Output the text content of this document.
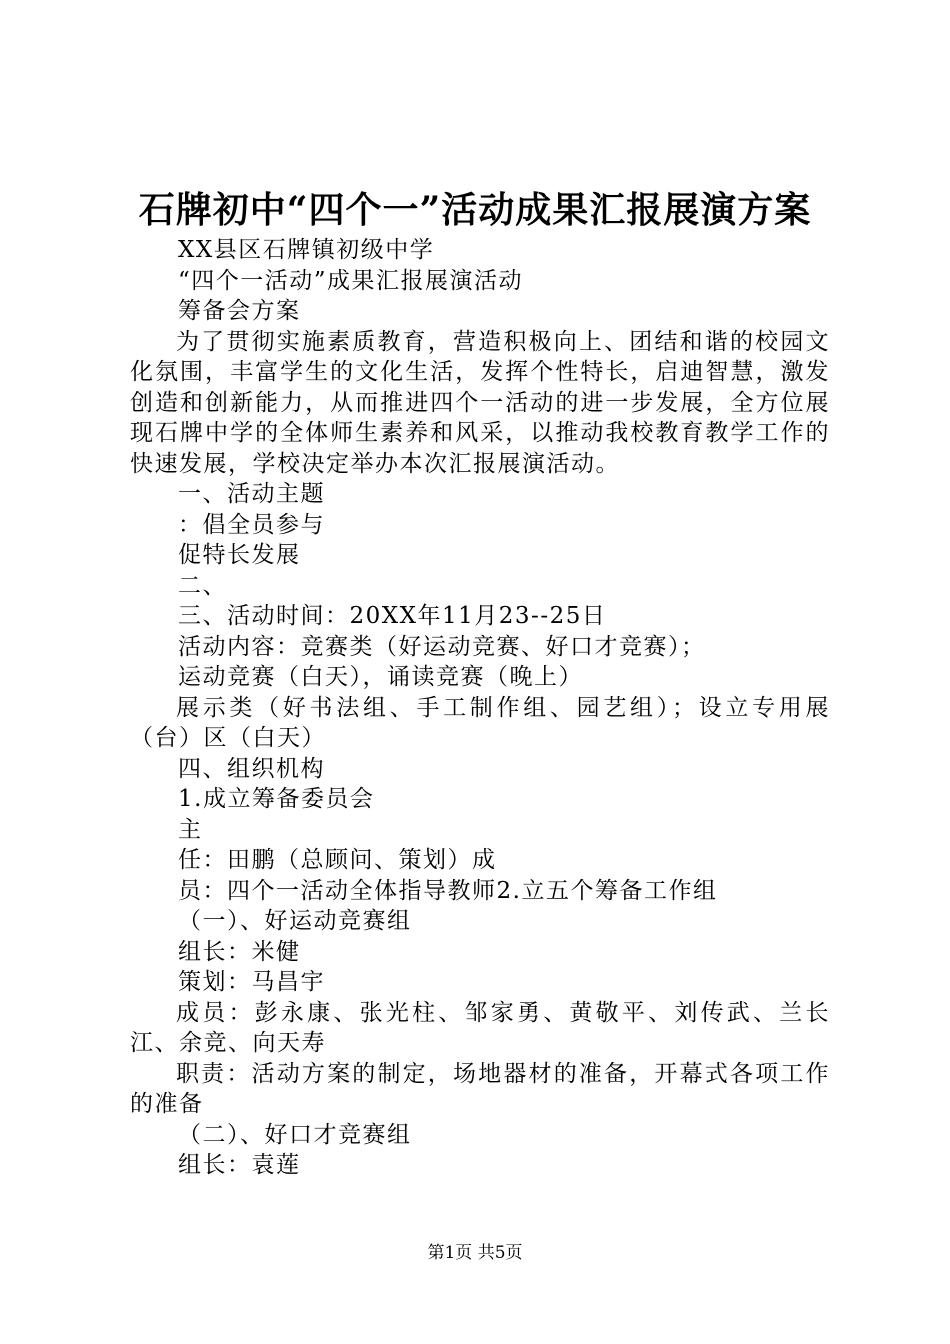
石牌初中“四个一”活动成果汇报展演方案

XX县区石牌镇初级中学

“四个一活动”成果汇报展演活动

筹备会方案

为了贯彻实施素质教育，营造积极向上、团结和谐的校园文化氛围，丰富学生的文化生活，发挥个性特长，启迪智慧，激发创造和创新能力，从而推进四个一活动的进一步发展，全方位展现石牌中学的全体师生素养和风采，以推动我校教育教学工作的快速发展，学校决定举办本次汇报展演活动。

一、活动主题

：倡全员参与

促特长发展

二、

三、活动时间：20XX年11月23--25日

活动内容：竞赛类（好运动竞赛、好口才竞赛）；

运动竞赛（白天），诵读竞赛（晚上）

展示类（好书法组、手工制作组、园艺组）；设立专用展（台）区（白天）

四、组织机构

1.成立筹备委员会

主

任：田鹏（总顾问、策划）成

员：四个一活动全体指导教师2.立五个筹备工作组

（一）、好运动竞赛组

组长：米健

策划：马昌宇

成员：彭永康、张光柱、邹家勇、黄敬平、刘传武、兰长江、余竞、向天寿

职责：活动方案的制定，场地器材的准备，开幕式各项工作的准备

（二）、好口才竞赛组

组长：袁莲

第1页 共5页
